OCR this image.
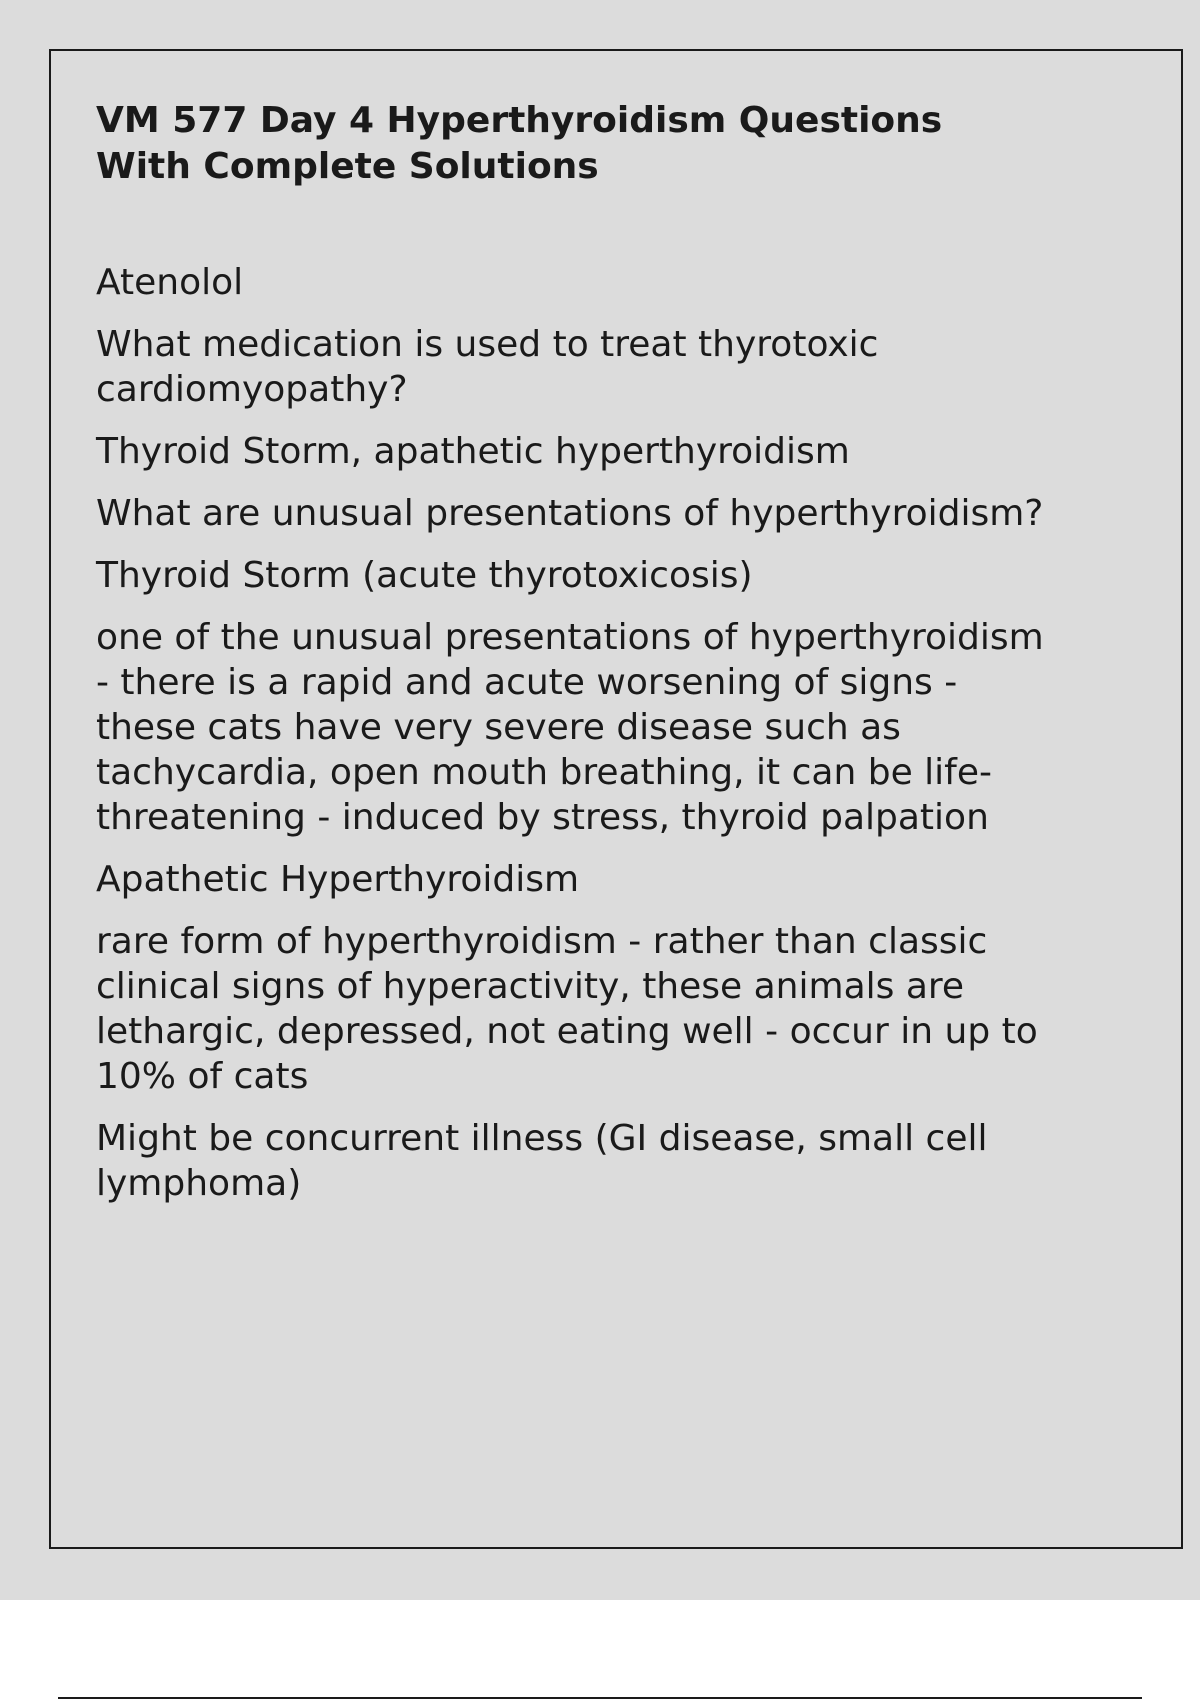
VM 577 Day 4 Hyperthyroidism Questions
With Complete Solutions

Atenolol

What medication is used to treat thyrotoxic cardiomyopathy?

Thyroid Storm, apathetic hyperthyroidism

What are unusual presentations of hyperthyroidism?

Thyroid Storm (acute thyrotoxicosis)

one of the unusual presentations of hyperthyroidism - there is a rapid and acute worsening of signs - these cats have very severe disease such as tachycardia, open mouth breathing, it can be life-threatening - induced by stress, thyroid palpation

Apathetic Hyperthyroidism

rare form of hyperthyroidism - rather than classic clinical signs of hyperactivity, these animals are lethargic, depressed, not eating well - occur in up to 10% of cats

Might be concurrent illness (GI disease, small cell lymphoma)
